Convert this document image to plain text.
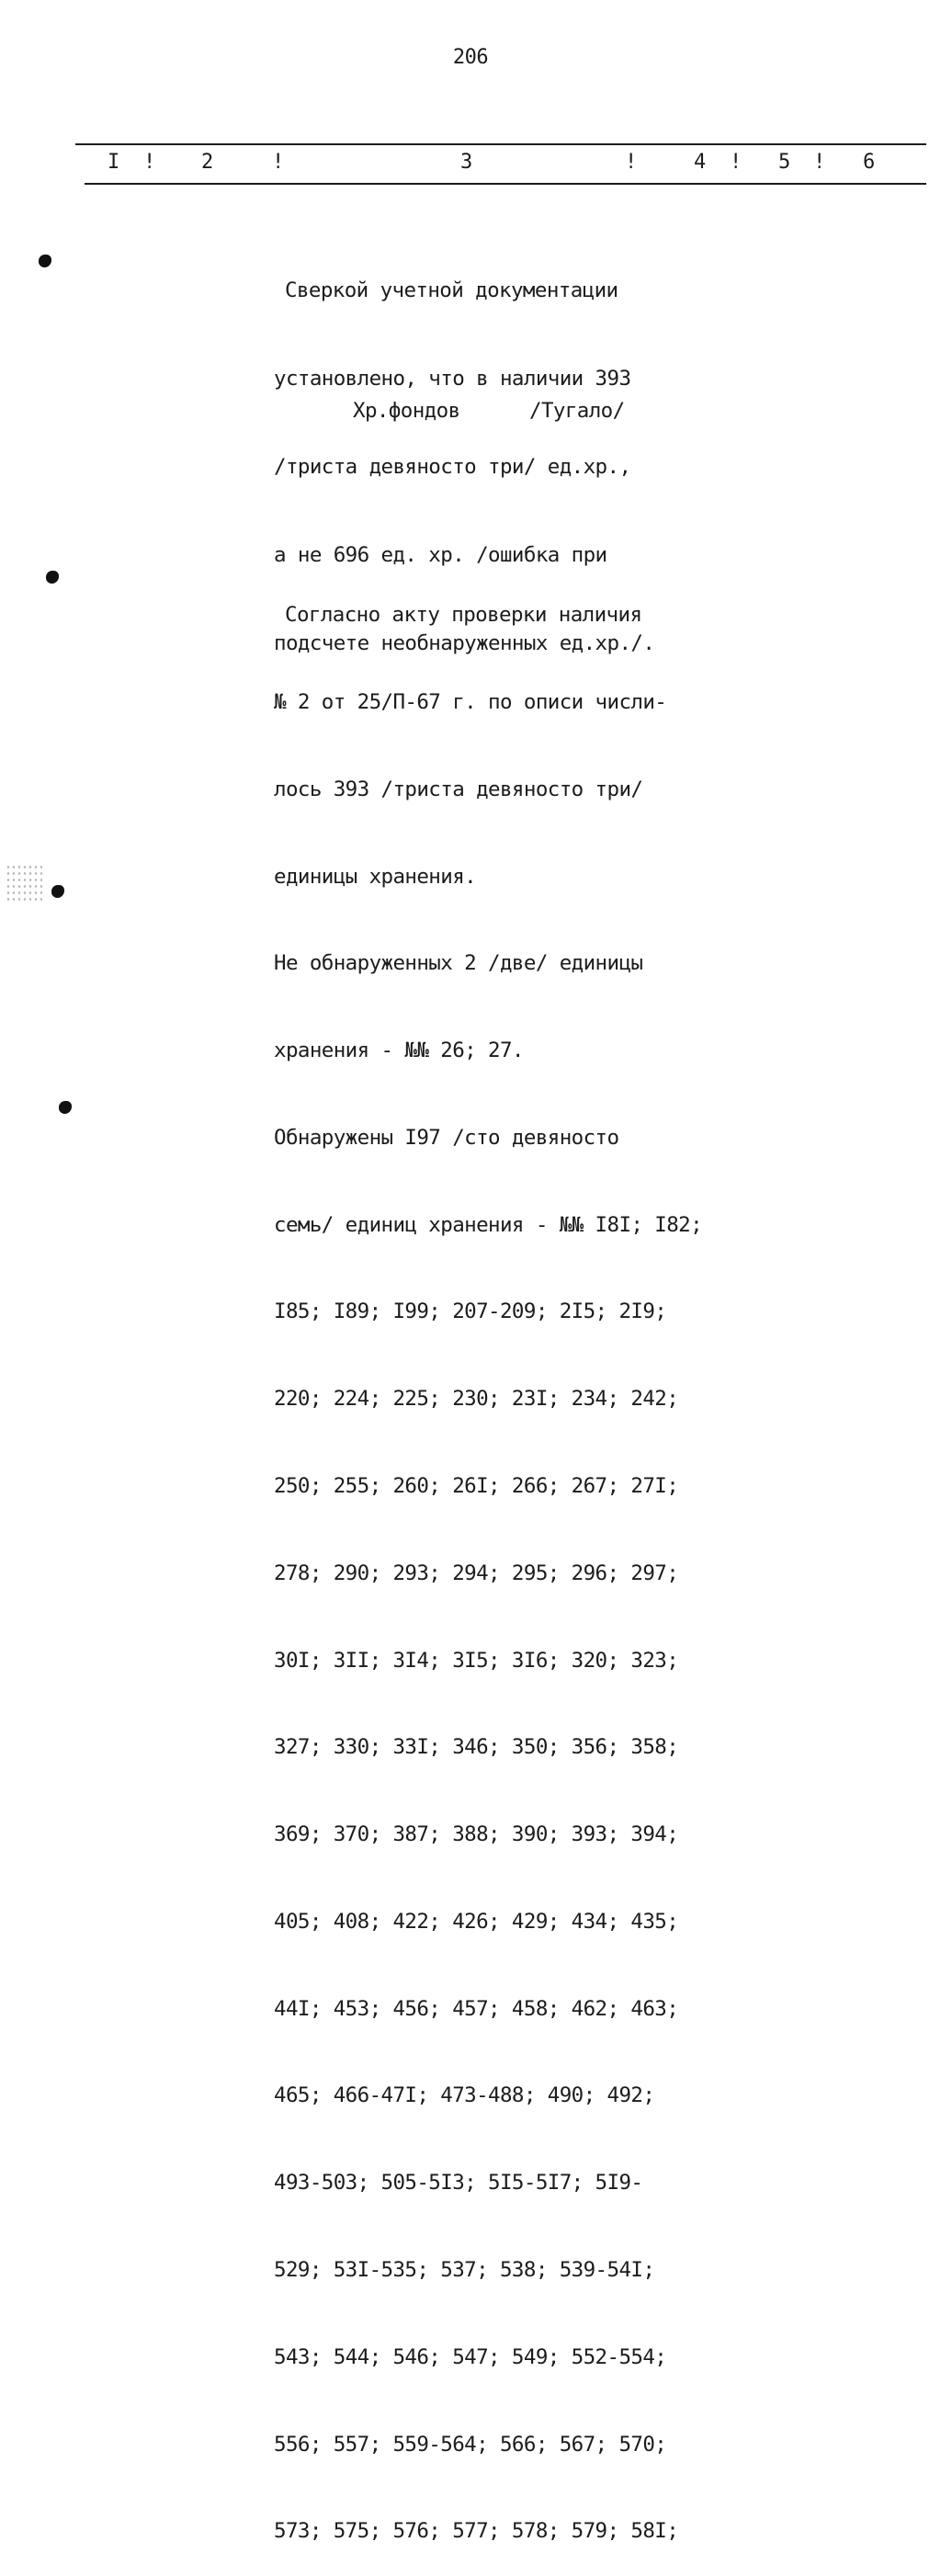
206
I ! 2	!	3	!	4 ! 5 ! 6

Сверкой учетной документации

установлено, что в наличии 393

/триста девяносто три/ ед.хр.,

а не 696 ед. хр. /ошибка при

подсчете необнаруженных ед.хр./.

Хр.фондов	/Тугало/

Согласно акту проверки наличия

№ 2 от 25/П-67 г. по описи числи-

лось 393 /триста девяносто три/

единицы хранения.

Не обнаруженных 2 /две/ единицы

хранения - №№ 26; 27.

Обнаружены I97 /сто девяносто

семь/ единиц хранения - №№ I8I; I82;

I85; I89; I99; 207-209; 2I5; 2I9;

220; 224; 225; 230; 23I; 234; 242;

250; 255; 260; 26I; 266; 267; 27I;

278; 290; 293; 294; 295; 296; 297;

30I; 3II; 3I4; 3I5; 3I6; 320; 323;

327; 330; 33I; 346; 350; 356; 358;

369; 370; 387; 388; 390; 393; 394;

405; 408; 422; 426; 429; 434; 435;

44I; 453; 456; 457; 458; 462; 463;

465; 466-47I; 473-488; 490; 492;

493-503; 505-5I3; 5I5-5I7; 5I9-

529; 53I-535; 537; 538; 539-54I;

543; 544; 546; 547; 549; 552-554;

556; 557; 559-564; 566; 567; 570;

573; 575; 576; 577; 578; 579; 58I;
